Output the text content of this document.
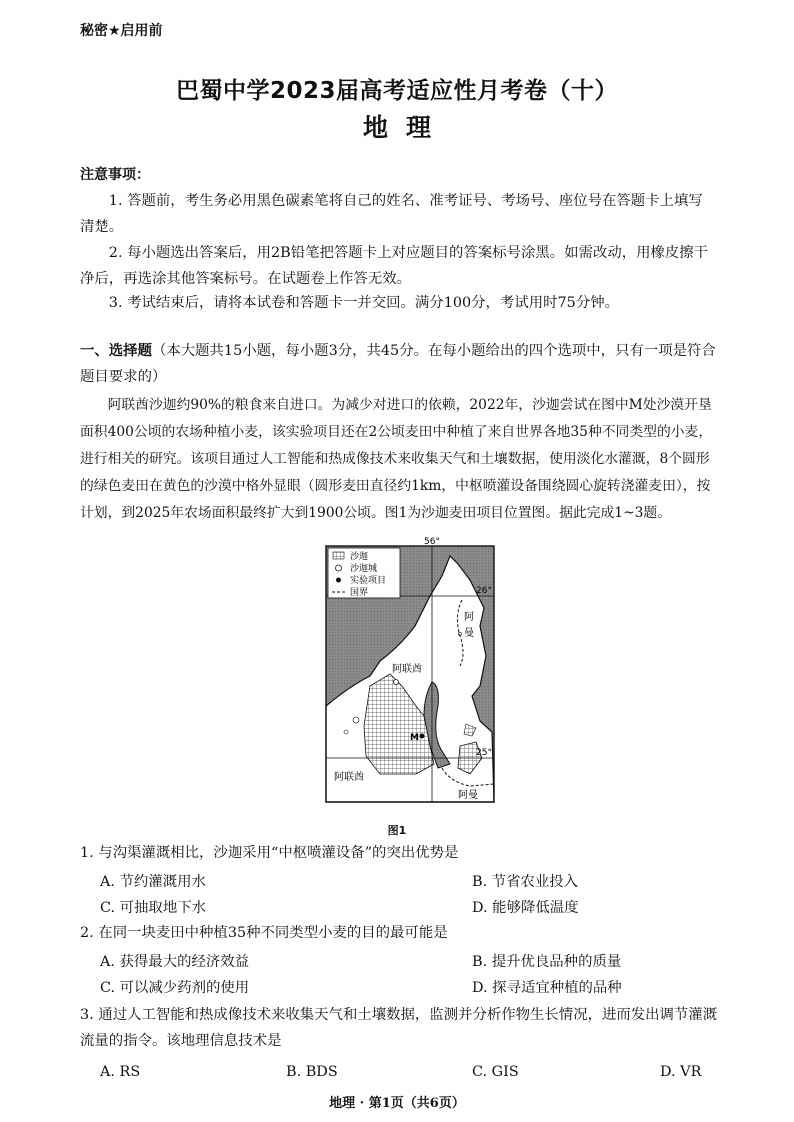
秘密★启用前
巴蜀中学2023届高考适应性月考卷（十）
地理
注意事项：

1. 答题前，考生务必用黑色碳素笔将自己的姓名、准考证号、考场号、座位号在答题卡上填写清楚。

2. 每小题选出答案后，用2B铅笔把答题卡上对应题目的答案标号涂黑。如需改动，用橡皮擦干净后，再选涂其他答案标号。在试题卷上作答无效。

3. 考试结束后，请将本试卷和答题卡一并交回。满分100分，考试用时75分钟。

一、选择题（本大题共15小题，每小题3分，共45分。在每小题给出的四个选项中，只有一项是符合题目要求的）

阿联酋沙迦约90%的粮食来自进口。为减少对进口的依赖，2022年，沙迦尝试在图中M处沙漠开垦面积400公顷的农场种植小麦，该实验项目还在2公顷麦田中种植了来自世界各地35种不同类型的小麦，进行相关的研究。该项目通过人工智能和热成像技术来收集天气和土壤数据，使用淡化水灌溉，8个圆形的绿色麦田在黄色的沙漠中格外显眼（圆形麦田直径约1km，中枢喷灌设备围绕圆心旋转浇灌麦田），按计划，到2025年农场面积最终扩大到1900公顷。图1为沙迦麦田项目位置图。据此完成1~3题。

沙迦
沙迦城
实验项目
国界
56°
26°
25°
阿
曼
阿联酋
阿联酋
阿曼
M
图1

1. 与沟渠灌溉相比，沙迦采用“中枢喷灌设备”的突出优势是

A. 节约灌溉用水	B. 节省农业投入
C. 可抽取地下水	D. 能够降低温度

2. 在同一块麦田中种植35种不同类型小麦的目的最可能是

A. 获得最大的经济效益	B. 提升优良品种的质量
C. 可以减少药剂的使用	D. 探寻适宜种植的品种

3. 通过人工智能和热成像技术来收集天气和土壤数据，监测并分析作物生长情况，进而发出调节灌溉流量的指令。该地理信息技术是

A. RS	B. BDS	C. GIS	D. VR
地理 · 第1页（共6页）
